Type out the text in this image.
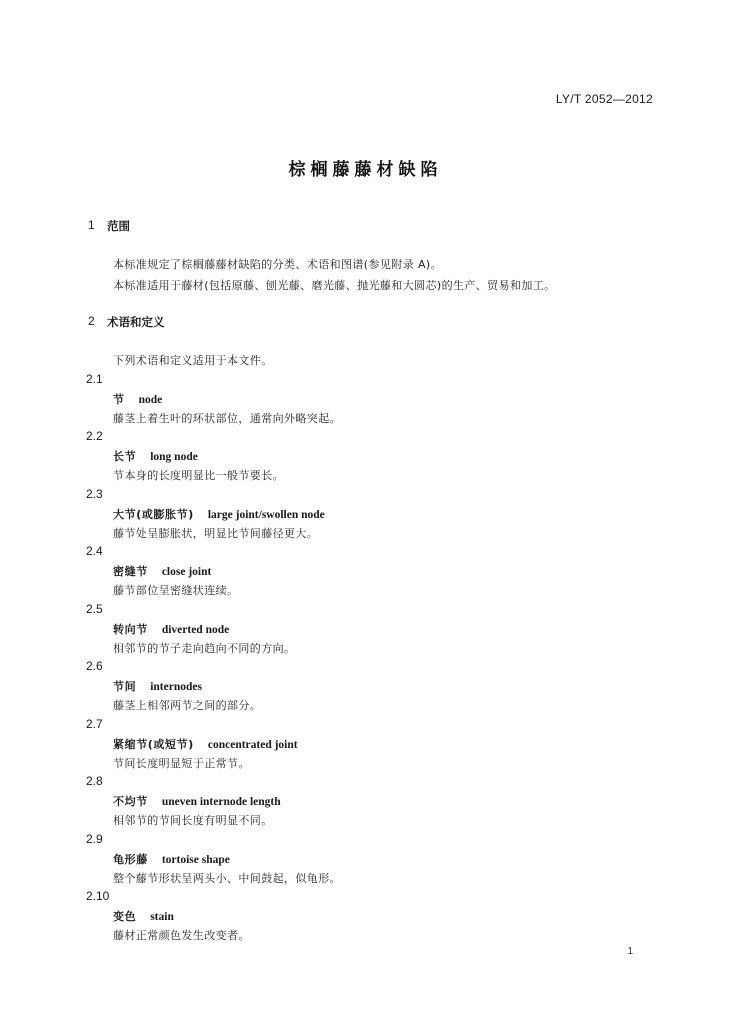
LY/T 2052—2012
棕榈藤藤材缺陷
1 范围
本标准规定了棕榈藤藤材缺陷的分类、术语和图谱(参见附录 A)。
本标准适用于藤材(包括原藤、刨光藤、磨光藤、抛光藤和大圆芯)的生产、贸易和加工。
2 术语和定义
下列术语和定义适用于本文件。
2.1
节 node
藤茎上着生叶的环状部位，通常向外略突起。
2.2
长节 long node
节本身的长度明显比一般节要长。
2.3
大节(或膨胀节) large joint/swollen node
藤节处呈膨胀状，明显比节间藤径更大。
2.4
密缝节 close joint
藤节部位呈密缝状连续。
2.5
转向节 diverted node
相邻节的节子走向趋向不同的方向。
2.6
节间 internodes
藤茎上相邻两节之间的部分。
2.7
紧缩节(或短节) concentrated joint
节间长度明显短于正常节。
2.8
不均节 uneven internode length
相邻节的节间长度有明显不同。
2.9
龟形藤 tortoise shape
整个藤节形状呈两头小、中间鼓起，似龟形。
2.10
变色 stain
藤材正常颜色发生改变者。
1
